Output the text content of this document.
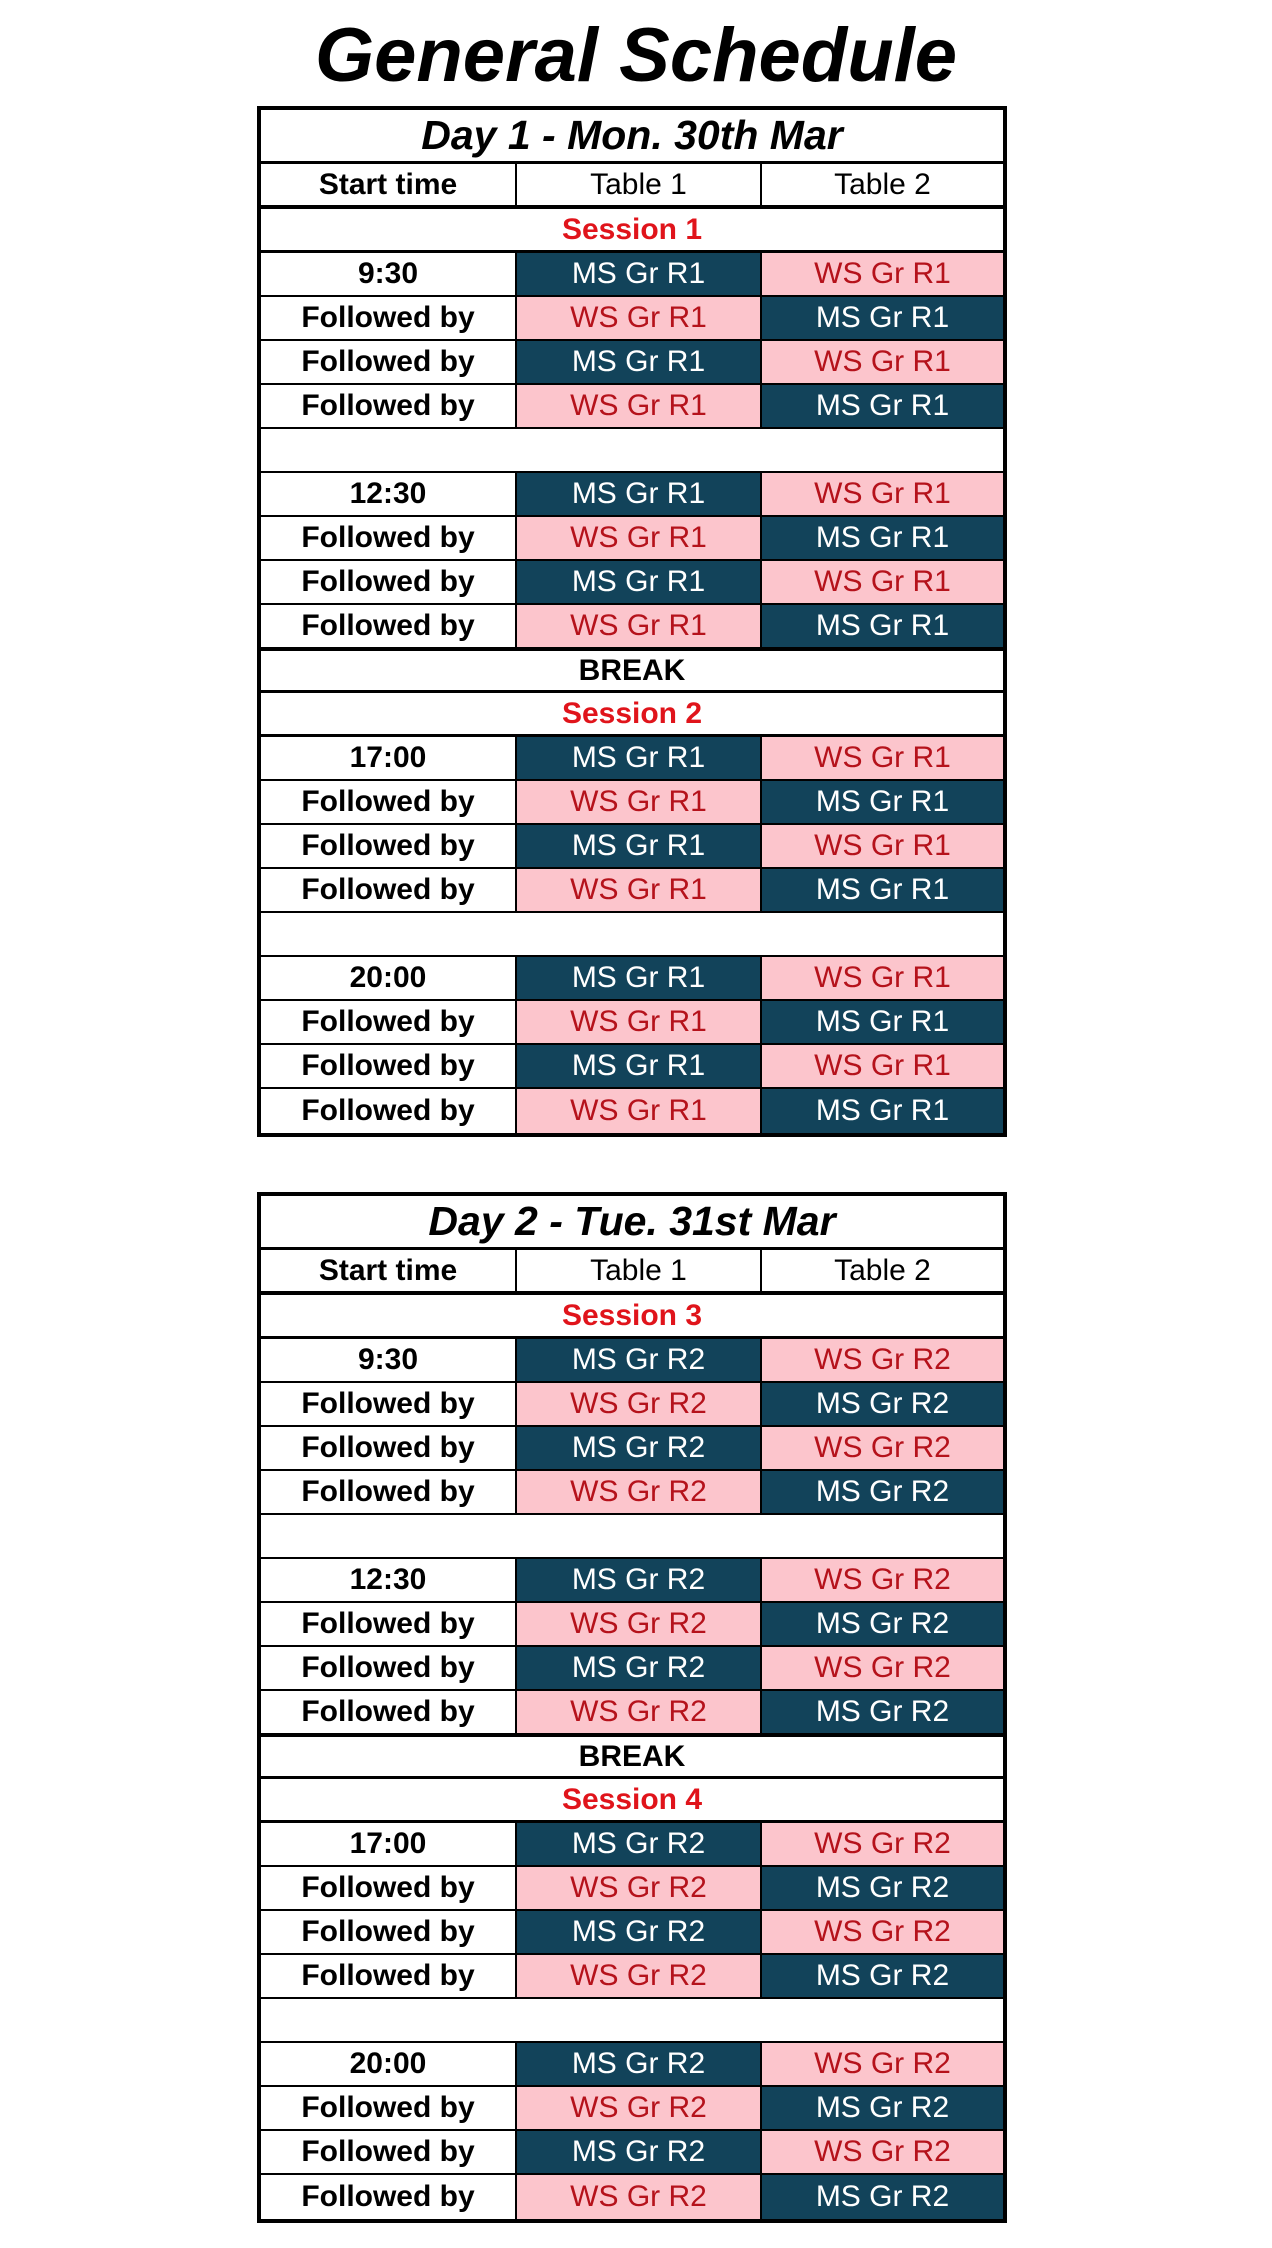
General Schedule
Day 1 - Mon. 30th Mar
Start time	Table 1	Table 2
Session 1
9:30	MS Gr R1	WS Gr R1
Followed by	WS Gr R1	MS Gr R1
Followed by	MS Gr R1	WS Gr R1
Followed by	WS Gr R1	MS Gr R1
12:30	MS Gr R1	WS Gr R1
Followed by	WS Gr R1	MS Gr R1
Followed by	MS Gr R1	WS Gr R1
Followed by	WS Gr R1	MS Gr R1
BREAK
Session 2
17:00	MS Gr R1	WS Gr R1
Followed by	WS Gr R1	MS Gr R1
Followed by	MS Gr R1	WS Gr R1
Followed by	WS Gr R1	MS Gr R1
20:00	MS Gr R1	WS Gr R1
Followed by	WS Gr R1	MS Gr R1
Followed by	MS Gr R1	WS Gr R1
Followed by	WS Gr R1	MS Gr R1
Day 2 - Tue. 31st Mar
Start time	Table 1	Table 2
Session 3
9:30	MS Gr R2	WS Gr R2
Followed by	WS Gr R2	MS Gr R2
Followed by	MS Gr R2	WS Gr R2
Followed by	WS Gr R2	MS Gr R2
12:30	MS Gr R2	WS Gr R2
Followed by	WS Gr R2	MS Gr R2
Followed by	MS Gr R2	WS Gr R2
Followed by	WS Gr R2	MS Gr R2
BREAK
Session 4
17:00	MS Gr R2	WS Gr R2
Followed by	WS Gr R2	MS Gr R2
Followed by	MS Gr R2	WS Gr R2
Followed by	WS Gr R2	MS Gr R2
20:00	MS Gr R2	WS Gr R2
Followed by	WS Gr R2	MS Gr R2
Followed by	MS Gr R2	WS Gr R2
Followed by	WS Gr R2	MS Gr R2
